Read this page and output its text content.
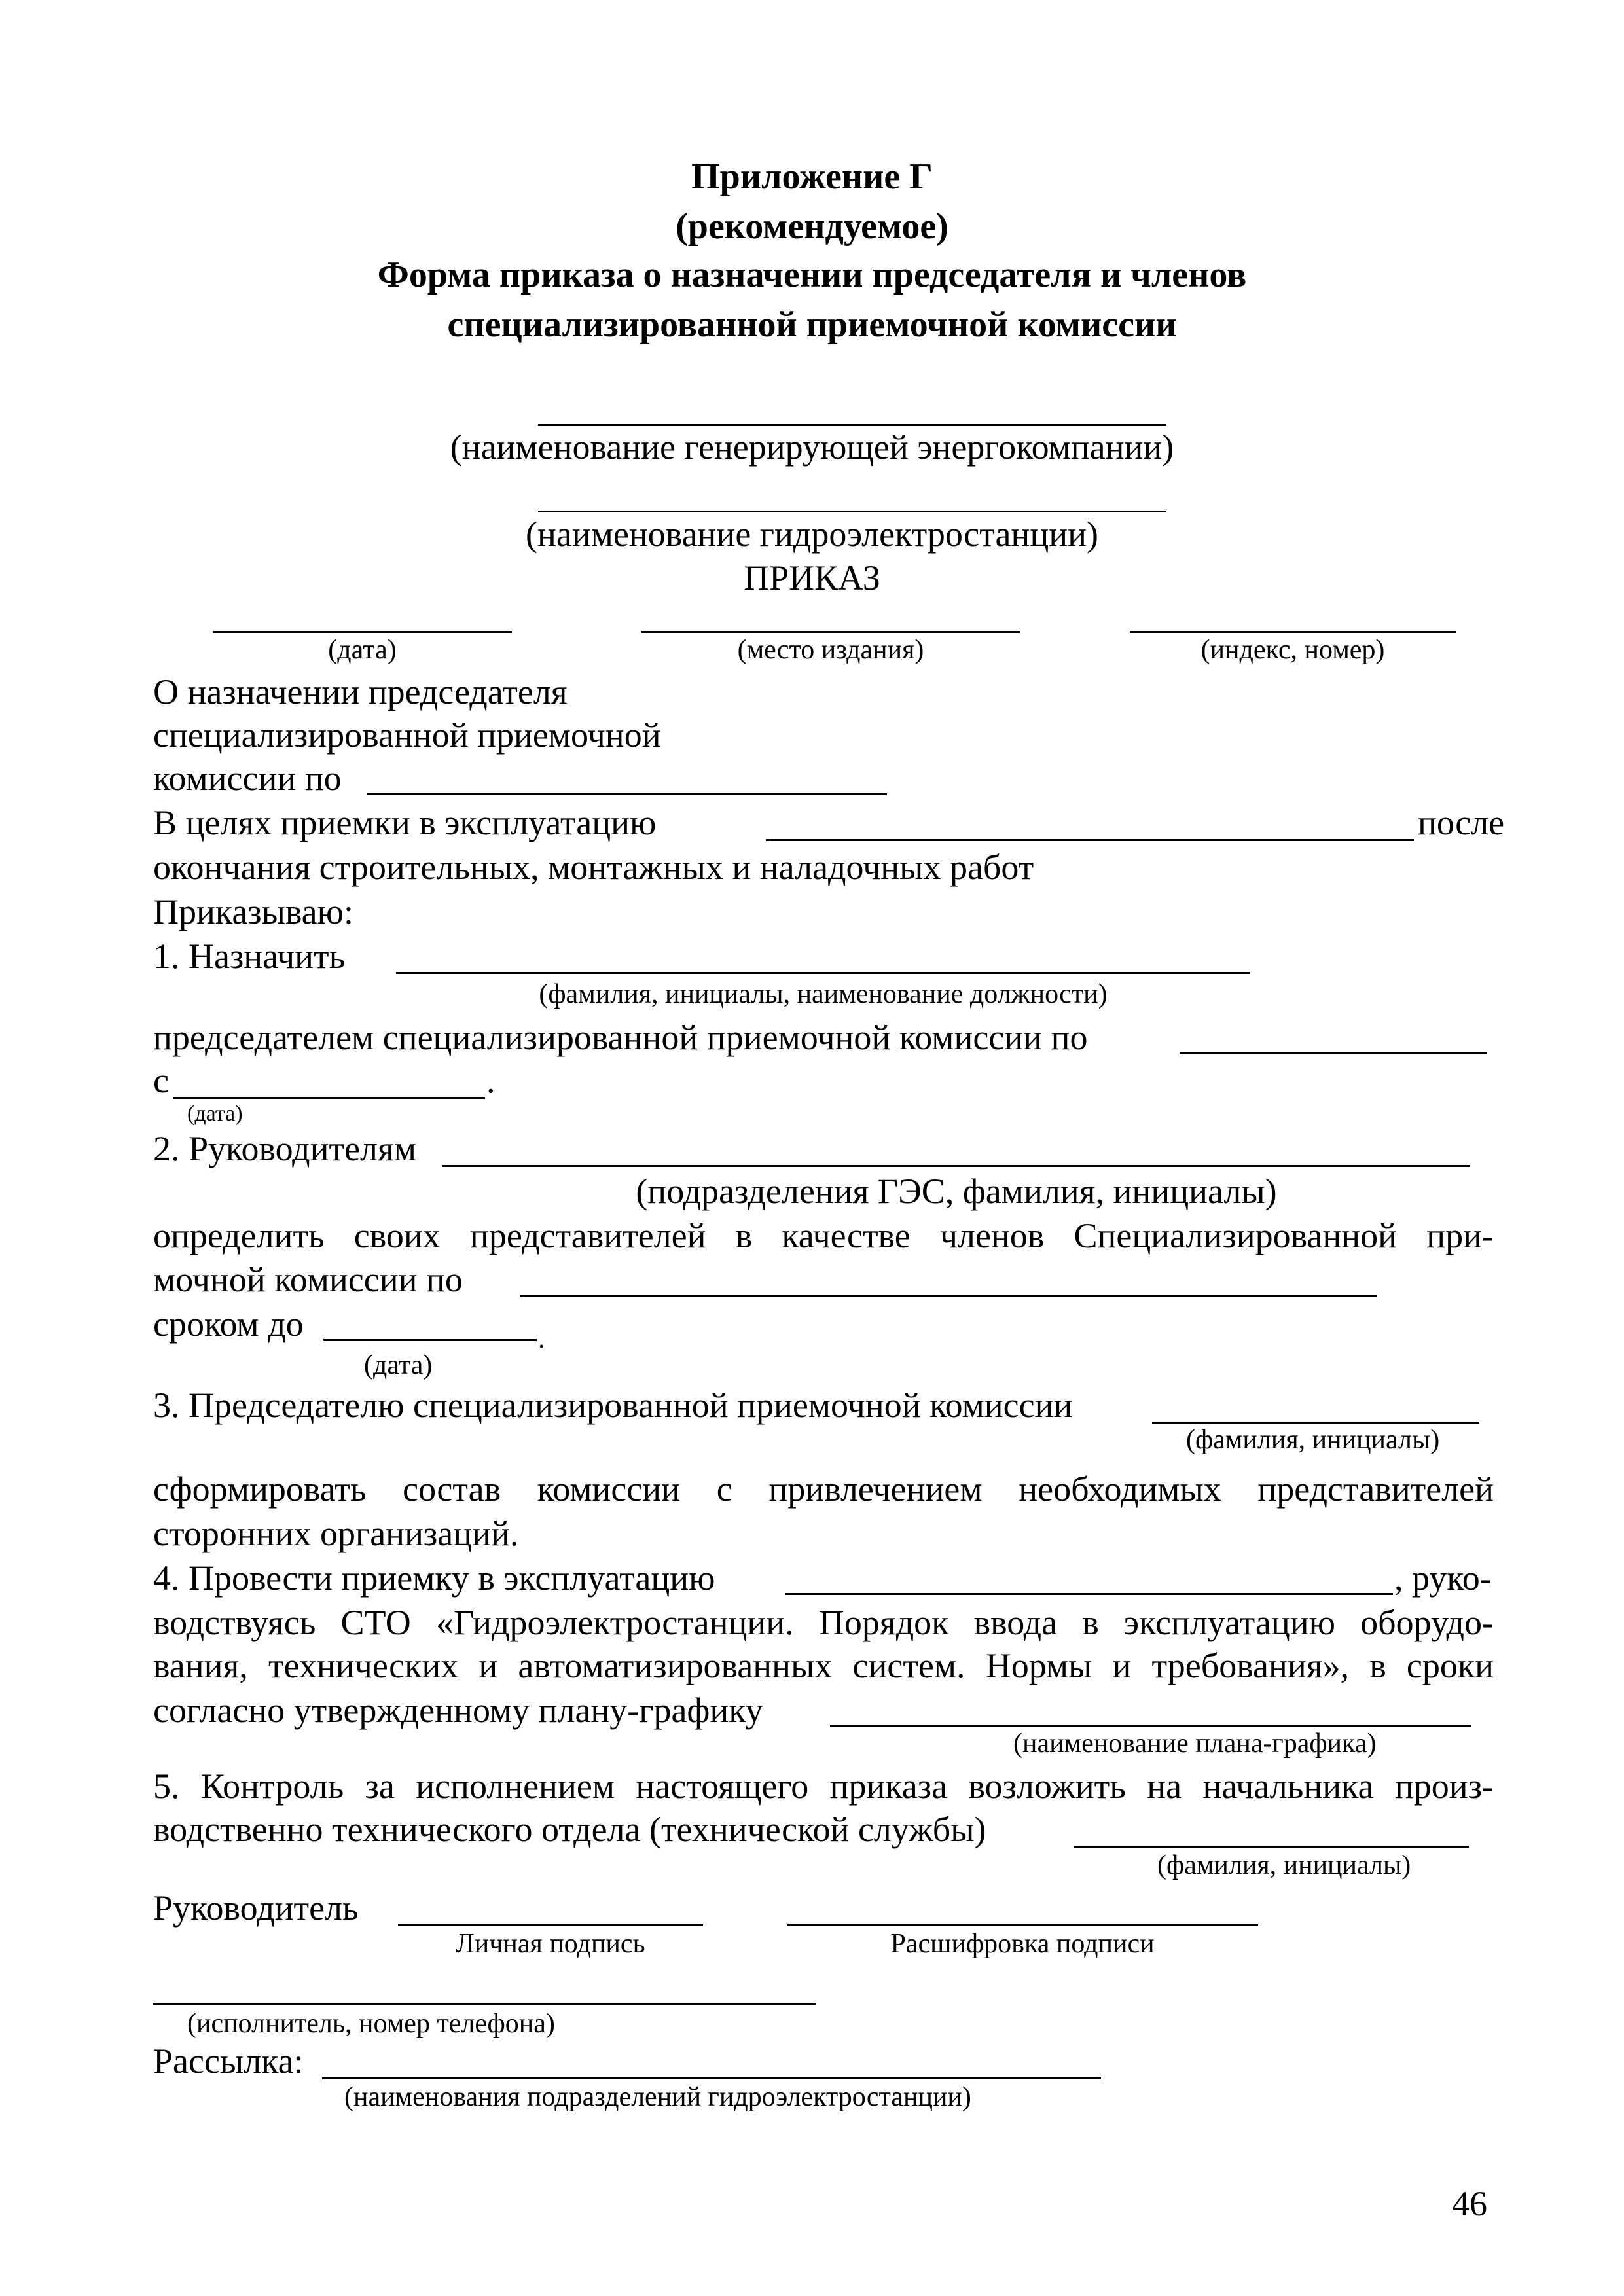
Приложение Г
(рекомендуемое)
Форма приказа о назначении председателя и членов
специализированной приемочной комиссии
(наименование генерирующей энергокомпании)
(наименование гидроэлектростанции)
ПРИКАЗ
(дата)	(место издания)	(индекс, номер)
О назначении председателя
специализированной приемочной
комиссии по
В целях приемки в эксплуатацию	после
окончания строительных, монтажных и наладочных работ
Приказываю:
1. Назначить
(фамилия, инициалы, наименование должности)
председателем специализированной приемочной комиссии по
с	.
(дата)
2. Руководителям
(подразделения ГЭС, фамилия, инициалы)
определить своих представителей в качестве членов Специализированной при-
мочной комиссии по
сроком до	.
(дата)
3. Председателю специализированной приемочной комиссии
(фамилия, инициалы)
сформировать состав комиссии с привлечением необходимых представителей
сторонних организаций.
4. Провести приемку в эксплуатацию	, руко-
водствуясь СТО «Гидроэлектростанции. Порядок ввода в эксплуатацию оборудо-
вания, технических и автоматизированных систем. Нормы и требования», в сроки
согласно утвержденному плану-графику
(наименование плана-графика)
5. Контроль за исполнением настоящего приказа возложить на начальника произ-
водственно технического отдела (технической службы)
(фамилия, инициалы)
Руководитель
Личная подпись	Расшифровка подписи
(исполнитель, номер телефона)
Рассылка:
(наименования подразделений гидроэлектростанции)
46
